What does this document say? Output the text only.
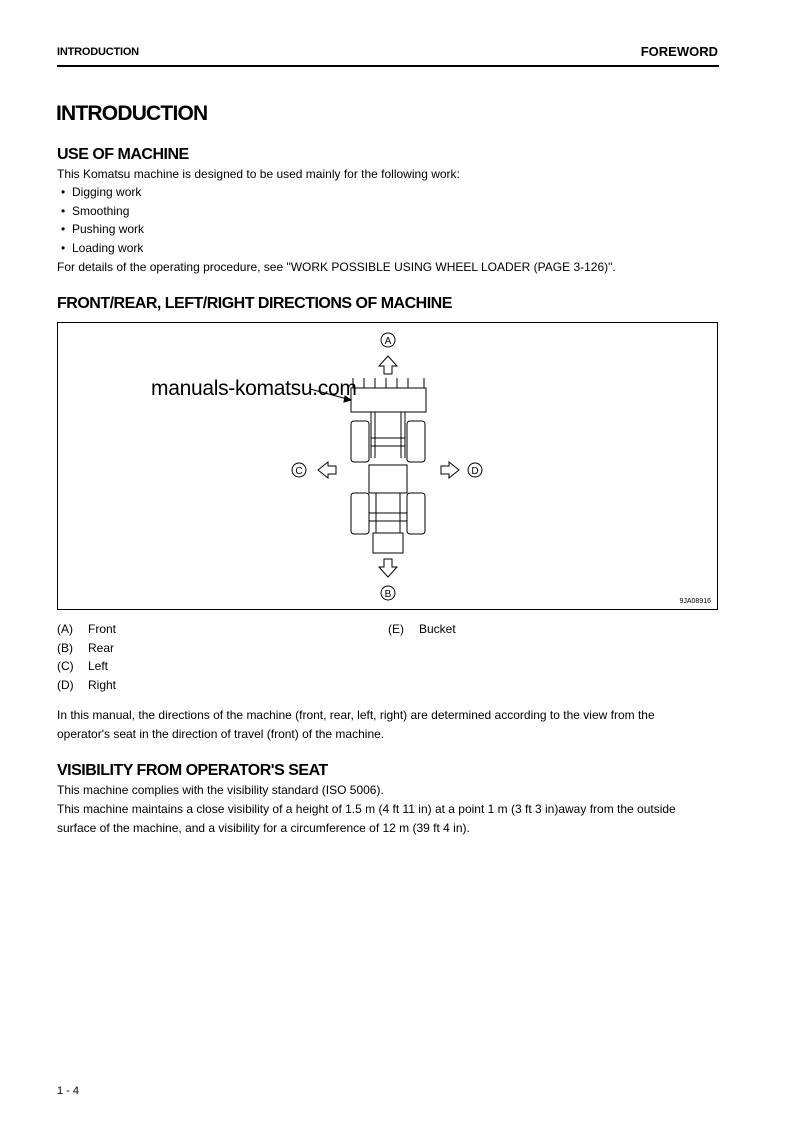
INTRODUCTION	FOREWORD
INTRODUCTION
USE OF MACHINE
This Komatsu machine is designed to be used mainly for the following work:
• Digging work
• Smoothing
• Pushing work
• Loading work
For details of the operating procedure, see "WORK POSSIBLE USING WHEEL LOADER (PAGE 3-126)".
FRONT/REAR, LEFT/RIGHT DIRECTIONS OF MACHINE
A
B
C	D
manuals-komatsu.com
9JA08916
(A) Front
(B) Rear
(C) Left
(D) Right
(E) Bucket
In this manual, the directions of the machine (front, rear, left, right) are determined according to the view from the
operator's seat in the direction of travel (front) of the machine.
VISIBILITY FROM OPERATOR'S SEAT
This machine complies with the visibility standard (ISO 5006).
This machine maintains a close visibility of a height of 1.5 m (4 ft 11 in) at a point 1 m (3 ft 3 in)away from the outside
surface of the machine, and a visibility for a circumference of 12 m (39 ft 4 in).
1 - 4
